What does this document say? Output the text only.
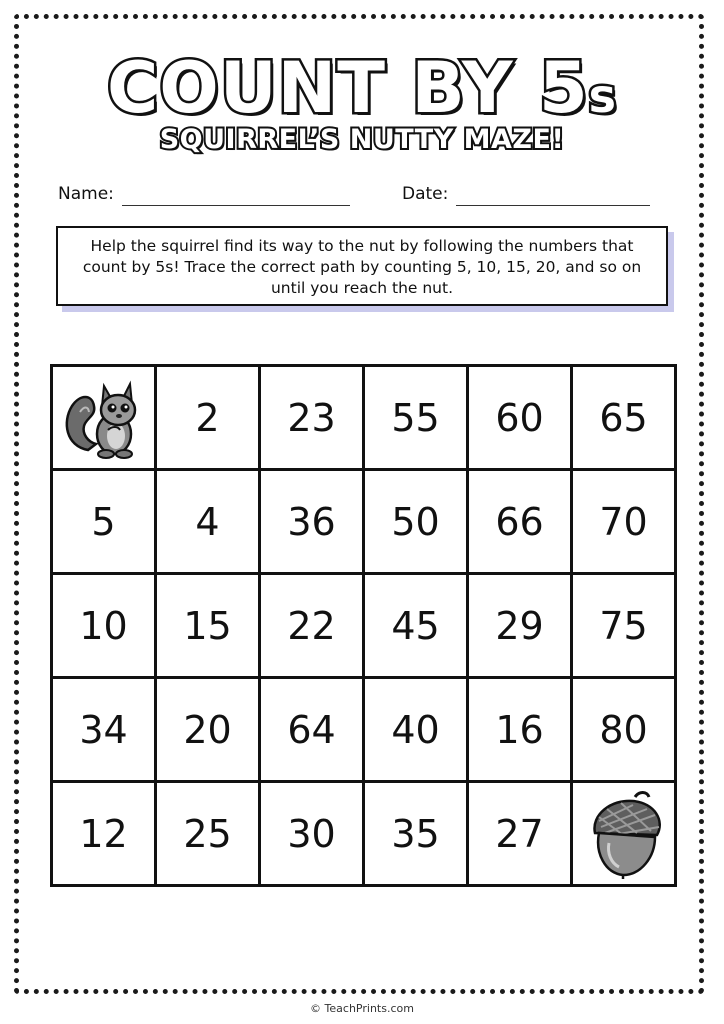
COUNT BY 5s
SQUIRREL’S NUTTY MAZE!
Name:	Date:
Help the squirrel find its way to the nut by following the numbers that count by 5s! Trace the correct path by counting 5, 10, 15, 20, and so on until you reach the nut.
	2	23	55	60	65
5	4	36	50	66	70
10	15	22	45	29	75
34	20	64	40	16	80
12	25	30	35	27	
© TeachPrints.com
